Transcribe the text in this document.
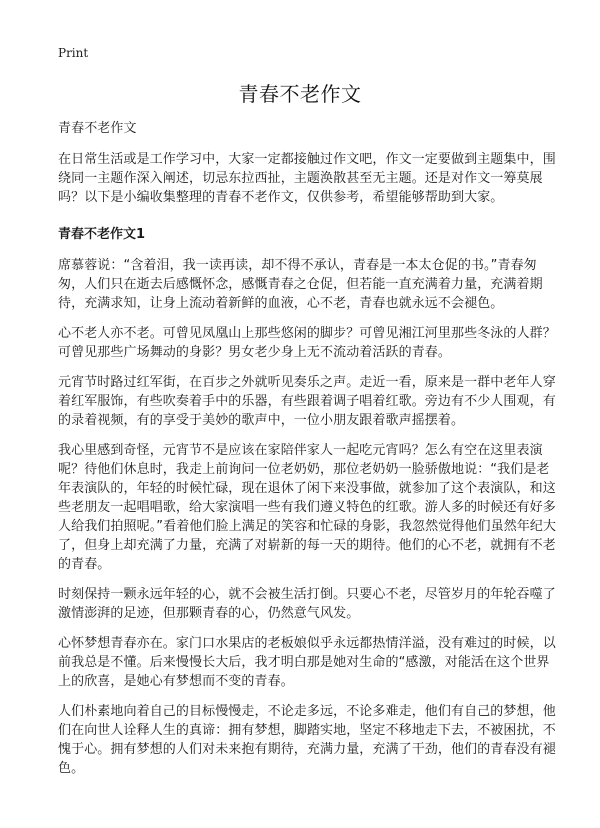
Print
青春不老作文

青春不老作文

在日常生活或是工作学习中，大家一定都接触过作文吧，作文一定要做到主题集中，围绕同一主题作深入阐述，切忌东拉西扯，主题涣散甚至无主题。还是对作文一筹莫展吗？以下是小编收集整理的青春不老作文，仅供参考，希望能够帮助到大家。

青春不老作文1

席慕蓉说：“含着泪，我一读再读，却不得不承认，青春是一本太仓促的书。”青春匆匆，人们只在逝去后感慨怀念，感慨青春之仓促，但若能一直充满着力量，充满着期待，充满求知，让身上流动着新鲜的血液，心不老，青春也就永远不会褪色。

心不老人亦不老。可曾见凤凰山上那些悠闲的脚步？可曾见湘江河里那些冬泳的人群？可曾见那些广场舞动的身影？男女老少身上无不流动着活跃的青春。

元宵节时路过红军街，在百步之外就听见奏乐之声。走近一看，原来是一群中老年人穿着红军服饰，有些吹奏着手中的乐器，有些跟着调子唱着红歌。旁边有不少人围观，有的录着视频，有的享受于美妙的歌声中，一位小朋友跟着歌声摇摆着。

我心里感到奇怪，元宵节不是应该在家陪伴家人一起吃元宵吗？怎么有空在这里表演呢？待他们休息时，我走上前询问一位老奶奶，那位老奶奶一脸骄傲地说：“我们是老年表演队的，年轻的时候忙碌，现在退休了闲下来没事做，就参加了这个表演队，和这些老朋友一起唱唱歌，给大家演唱一些有我们遵义特色的红歌。游人多的时候还有好多人给我们拍照呢。”看着他们脸上满足的笑容和忙碌的身影，我忽然觉得他们虽然年纪大了，但身上却充满了力量，充满了对崭新的每一天的期待。他们的心不老，就拥有不老的青春。

时刻保持一颗永远年轻的心，就不会被生活打倒。只要心不老，尽管岁月的年轮吞噬了激情澎湃的足迹，但那颗青春的心，仍然意气风发。

心怀梦想青春亦在。家门口水果店的老板娘似乎永远都热情洋溢，没有难过的时候，以前我总是不懂。后来慢慢长大后，我才明白那是她对生命的“感激，对能活在这个世界上的欣喜，是她心有梦想而不变的青春。

人们朴素地向着自己的目标慢慢走，不论走多远，不论多难走，他们有自己的梦想，他们在向世人诠释人生的真谛：拥有梦想，脚踏实地，坚定不移地走下去，不被困扰，不愧于心。拥有梦想的人们对未来抱有期待，充满力量，充满了干劲，他们的青春没有褪色。
